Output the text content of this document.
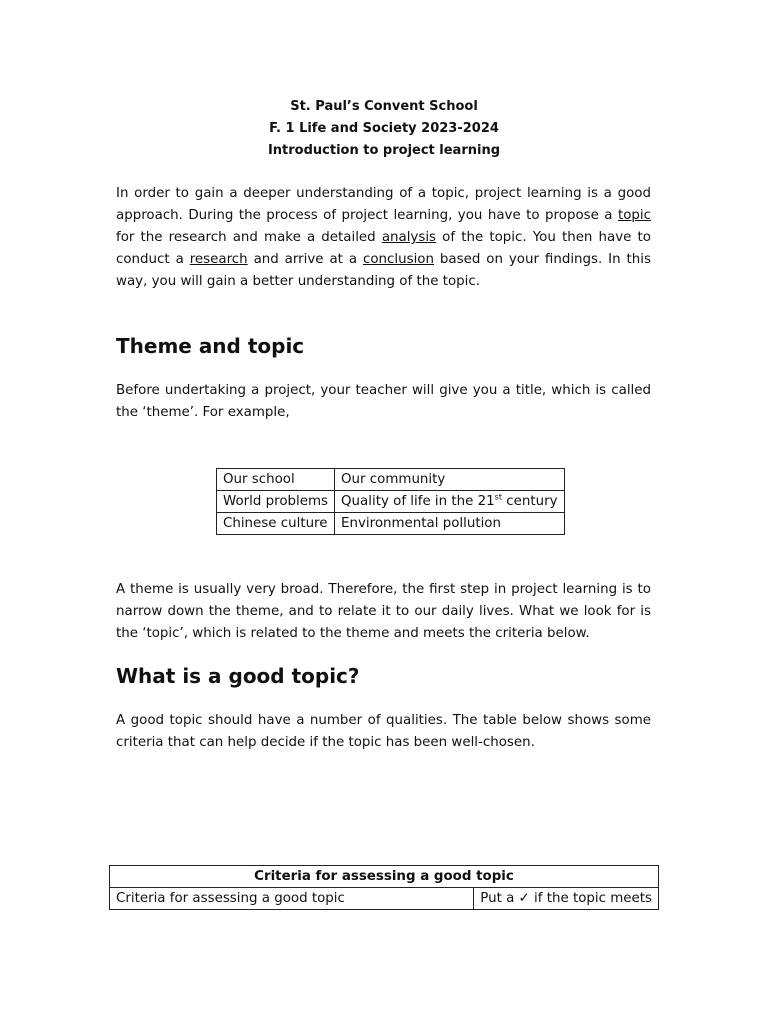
St. Paul’s Convent School
F. 1 Life and Society 2023-2024
Introduction to project learning
In order to gain a deeper understanding of a topic, project learning is a good approach. During the process of project learning, you have to propose a topic for the research and make a detailed analysis of the topic. You then have to conduct a research and arrive at a conclusion based on your findings. In this way, you will gain a better understanding of the topic.
Theme and topic
Before undertaking a project, your teacher will give you a title, which is called the ‘theme’. For example,
Our school	Our community
World problems	Quality of life in the 21st century
Chinese culture	Environmental pollution
A theme is usually very broad. Therefore, the first step in project learning is to narrow down the theme, and to relate it to our daily lives. What we look for is the ‘topic’, which is related to the theme and meets the criteria below.
What is a good topic?
A good topic should have a number of qualities. The table below shows some criteria that can help decide if the topic has been well-chosen.
Criteria for assessing a good topic
Criteria for assessing a good topic	Put a ✓ if the topic meets
